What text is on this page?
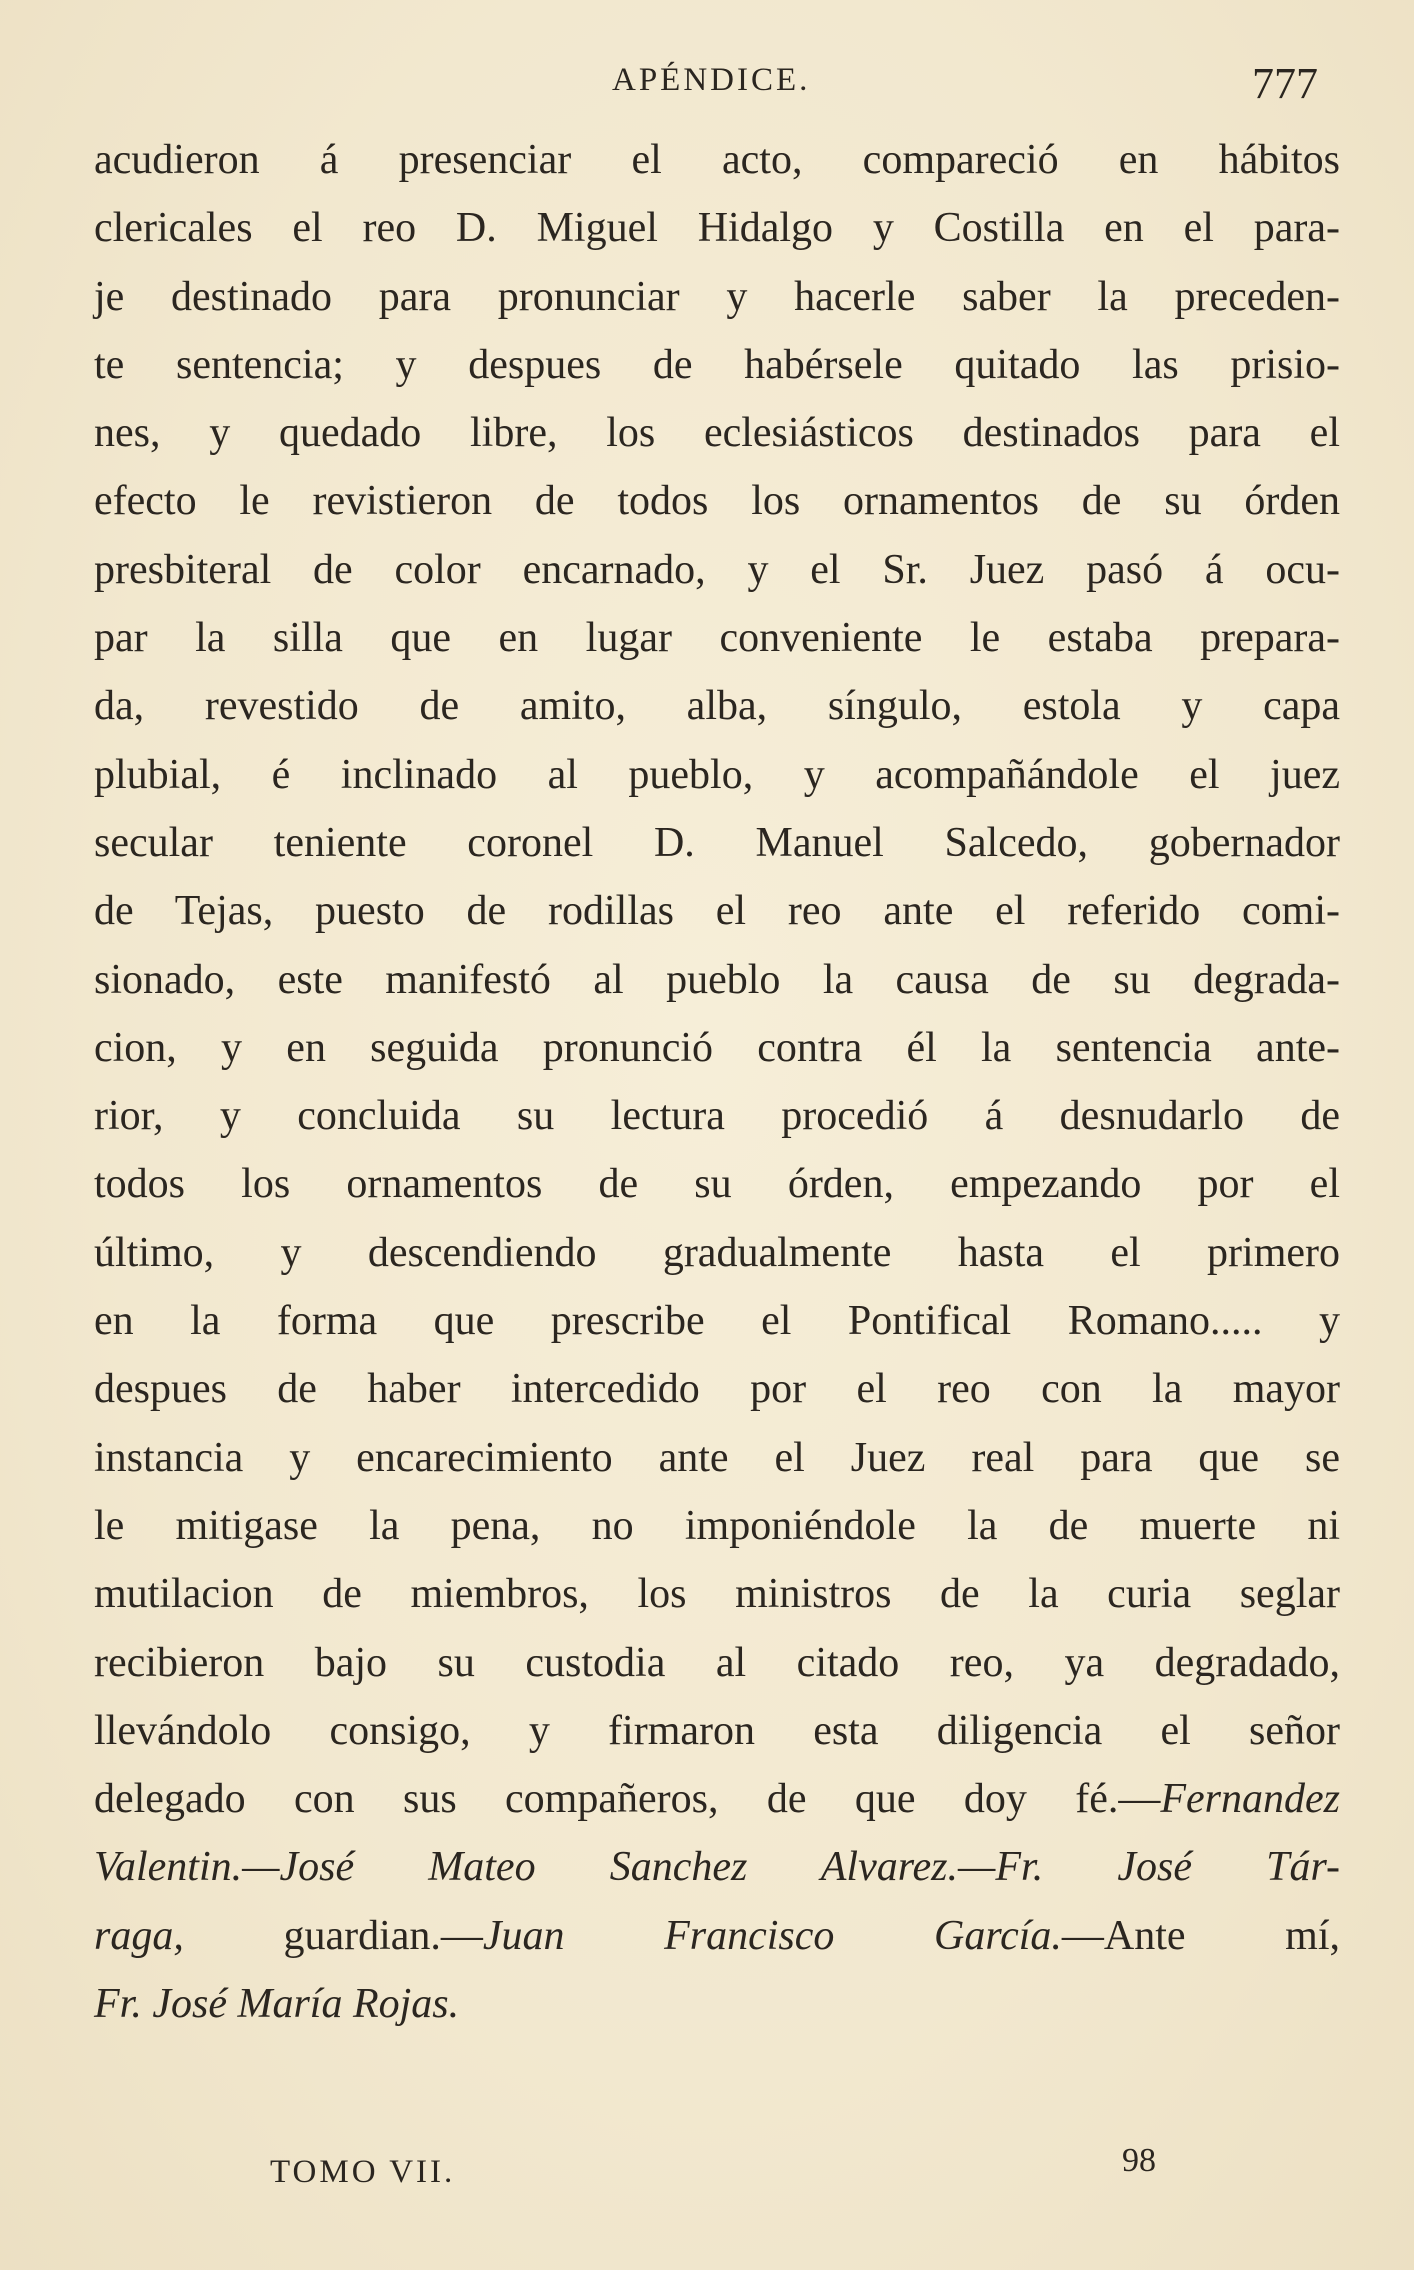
APÉNDICE.	777
acudieron á presenciar el acto, compareció en hábitos
clericales el reo D. Miguel Hidalgo y Costilla en el para-
je destinado para pronunciar y hacerle saber la preceden-
te sentencia; y despues de habérsele quitado las prisio-
nes, y quedado libre, los eclesiásticos destinados para el
efecto le revistieron de todos los ornamentos de su órden
presbiteral de color encarnado, y el Sr. Juez pasó á ocu-
par la silla que en lugar conveniente le estaba prepara-
da, revestido de amito, alba, síngulo, estola y capa
plubial, é inclinado al pueblo, y acompañándole el juez
secular teniente coronel D. Manuel Salcedo, gobernador
de Tejas, puesto de rodillas el reo ante el referido comi-
sionado, este manifestó al pueblo la causa de su degrada-
cion, y en seguida pronunció contra él la sentencia ante-
rior, y concluida su lectura procedió á desnudarlo de
todos los ornamentos de su órden, empezando por el
último, y descendiendo gradualmente hasta el primero
en la forma que prescribe el Pontifical Romano..... y
despues de haber intercedido por el reo con la mayor
instancia y encarecimiento ante el Juez real para que se
le mitigase la pena, no imponiéndole la de muerte ni
mutilacion de miembros, los ministros de la curia seglar
recibieron bajo su custodia al citado reo, ya degradado,
llevándolo consigo, y firmaron esta diligencia el señor
delegado con sus compañeros, de que doy fé.—Fernandez
Valentin.—José Mateo Sanchez Alvarez.—Fr. José Tár-
raga, guardian.—Juan Francisco García.—Ante mí,
Fr. José María Rojas.
TOMO VII.	98
